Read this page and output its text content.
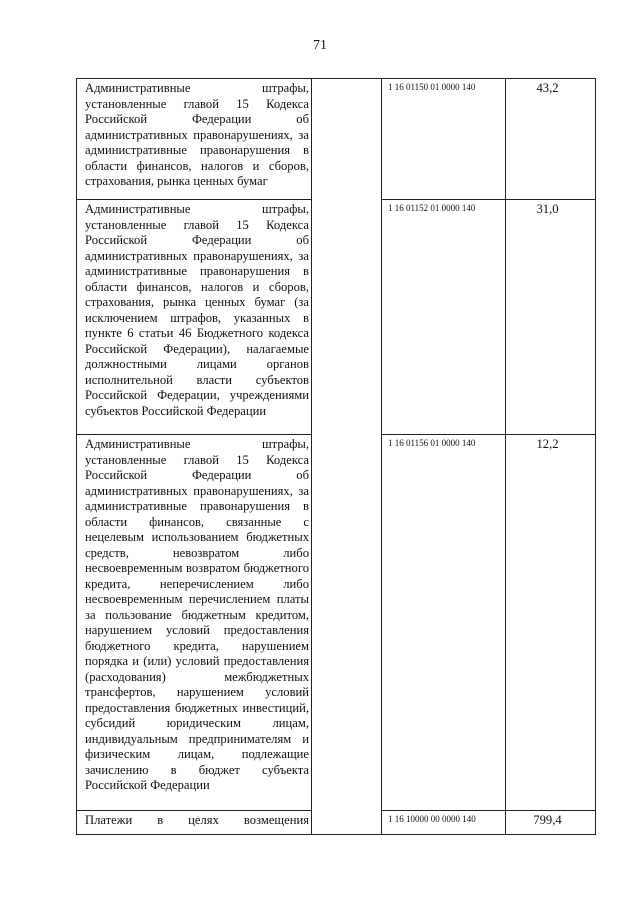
71
Административные штрафы, установленные главой 15 Кодекса Российской Федерации об административных правонарушениях, за административные правонарушения в области финансов, налогов и сборов, страхования, рынка ценных бумаг		1 16 01150 01 0000 140	43,2

Административные штрафы, установленные главой 15 Кодекса Российской Федерации об административных правонарушениях, за административные правонарушения в области финансов, налогов и сборов, страхования, рынка ценных бумаг (за исключением штрафов, указанных в пункте 6 статьи 46 Бюджетного кодекса Российской Федерации), налагаемые должностными лицами органов исполнительной власти субъектов Российской Федерации, учреждениями субъектов Российской Федерации		1 16 01152 01 0000 140	31,0

Административные штрафы, установленные главой 15 Кодекса Российской Федерации об административных правонарушениях, за административные правонарушения в области финансов, связанные с нецелевым использованием бюджетных средств, невозвратом либо несвоевременным возвратом бюджетного кредита, неперечислением либо несвоевременным перечислением платы за пользование бюджетным кредитом, нарушением условий предоставления бюджетного кредита, нарушением порядка и (или) условий предоставления (расходования) межбюджетных трансфертов, нарушением условий предоставления бюджетных инвестиций, субсидий юридическим лицам, индивидуальным предпринимателям и физическим лицам, подлежащие зачислению в бюджет субъекта Российской Федерации		1 16 01156 01 0000 140	12,2

Платежи в целях возмещения		1 16 10000 00 0000 140	799,4
